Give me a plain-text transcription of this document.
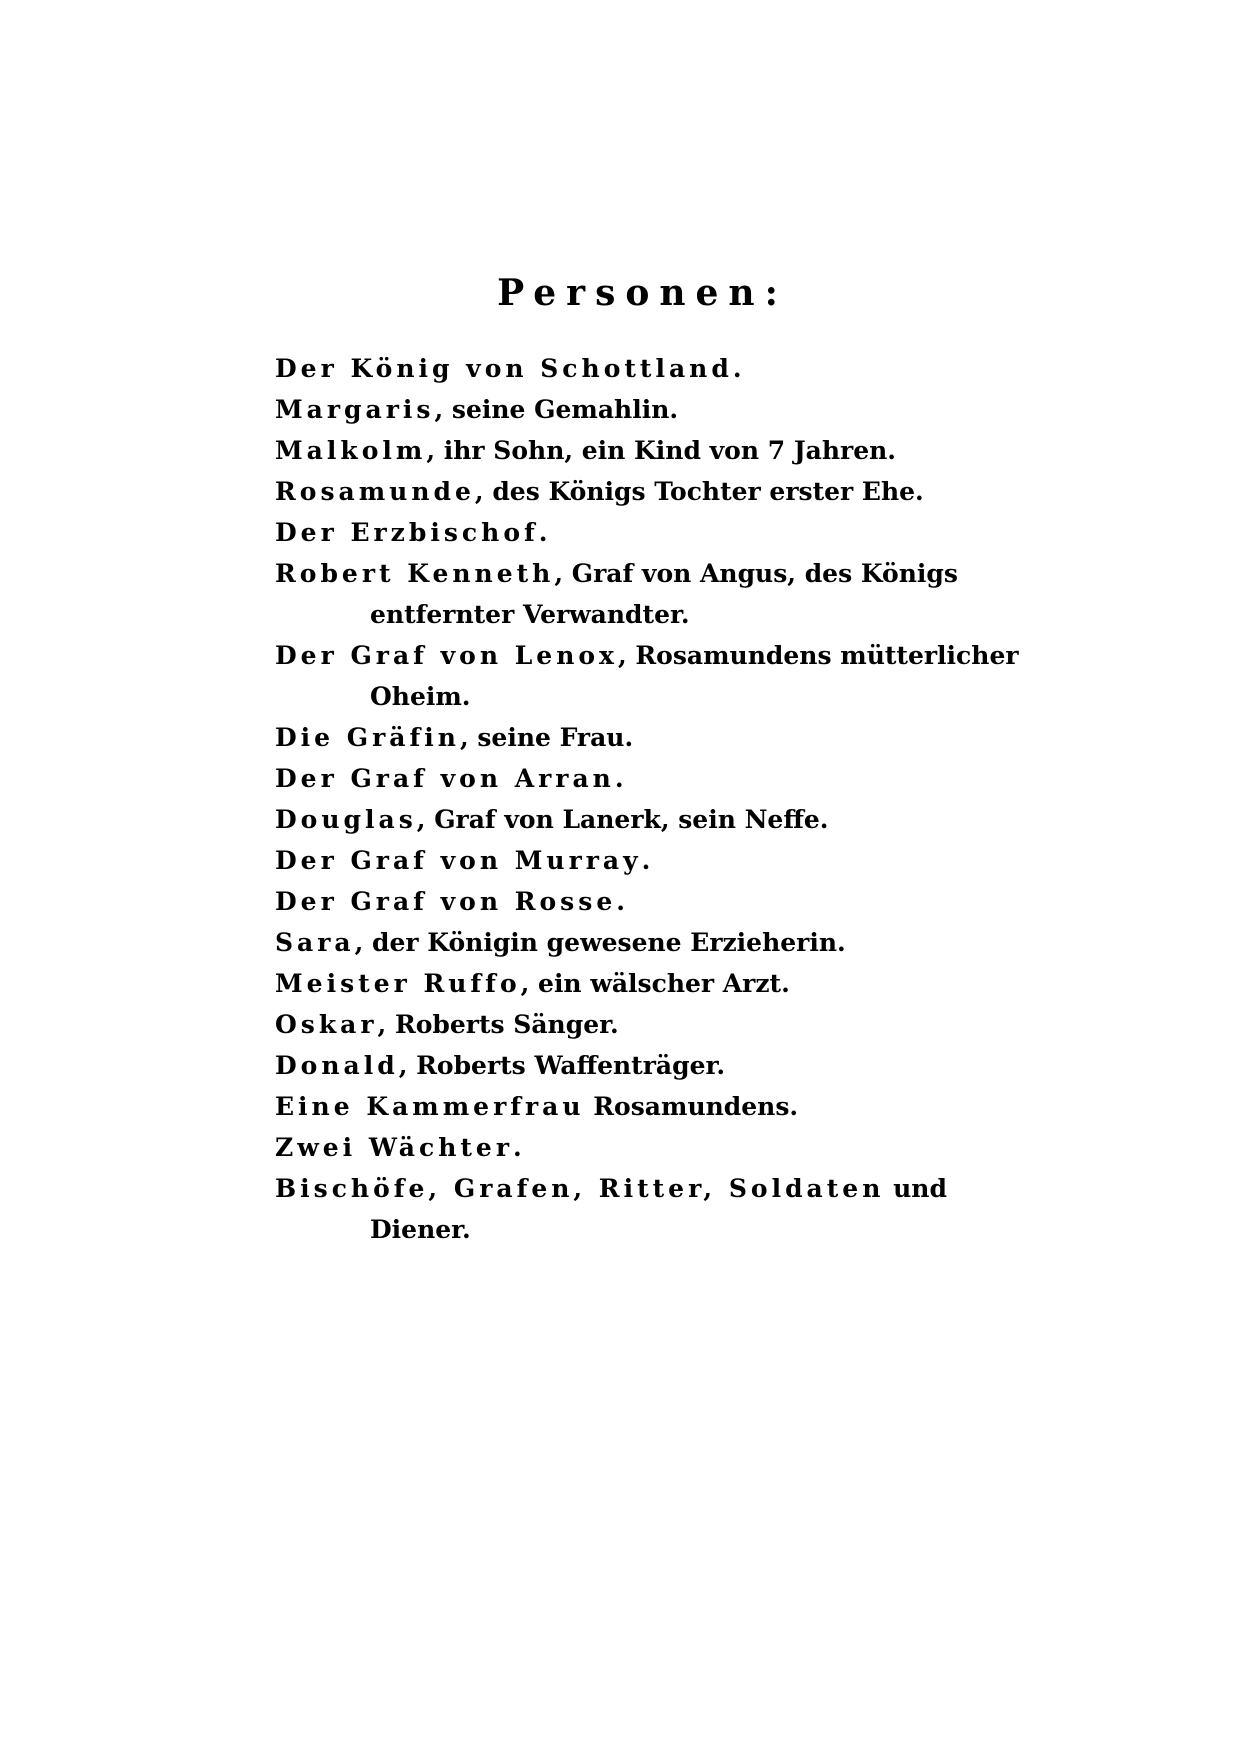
Personen:
Der König von Schottland.
Margaris, seine Gemahlin.
Malkolm, ihr Sohn, ein Kind von 7 Jahren.
Rosamunde, des Königs Tochter erster Ehe.
Der Erzbischof.
Robert Kenneth, Graf von Angus, des Königs entfernter Verwandter.
Der Graf von Lenox, Rosamundens mütterlicher Oheim.
Die Gräfin, seine Frau.
Der Graf von Arran.
Douglas, Graf von Lanerk, sein Neffe.
Der Graf von Murray.
Der Graf von Rosse.
Sara, der Königin gewesene Erzieherin.
Meister Ruffo, ein wälscher Arzt.
Oskar, Roberts Sänger.
Donald, Roberts Waffenträger.
Eine Kammerfrau Rosamundens.
Zwei Wächter.
Bischöfe, Grafen, Ritter, Soldaten und Diener.
